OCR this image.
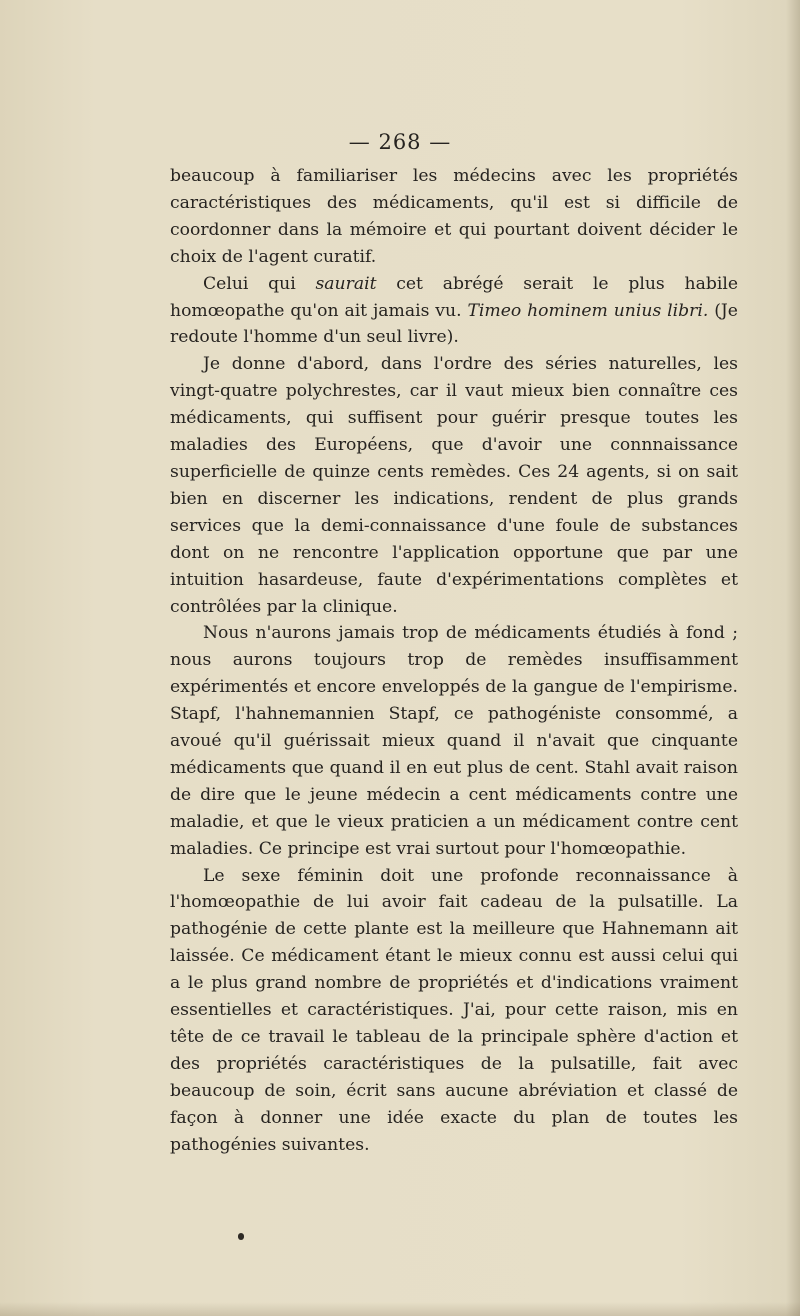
— 268 —

beaucoup à familiariser les médecins avec les propriétés caractéristiques des médicaments, qu'il est si difficile de coordonner dans la mémoire et qui pourtant doivent décider le choix de l'agent curatif.

Celui qui saurait cet abrégé serait le plus habile homœopathe qu'on ait jamais vu. Timeo hominem unius libri. (Je redoute l'homme d'un seul livre).

Je donne d'abord, dans l'ordre des séries naturelles, les vingt-quatre polychrestes, car il vaut mieux bien connaître ces médicaments, qui suffisent pour guérir presque toutes les maladies des Européens, que d'avoir une connnaissance superficielle de quinze cents remèdes. Ces 24 agents, si on sait bien en discerner les indications, rendent de plus grands services que la demi-connaissance d'une foule de substances dont on ne rencontre l'application opportune que par une intuition hasardeuse, faute d'expérimentations complètes et contrôlées par la clinique.

Nous n'aurons jamais trop de médicaments étudiés à fond ; nous aurons toujours trop de remèdes insuffisamment expérimentés et encore enveloppés de la gangue de l'empirisme. Stapf, l'hahnemannien Stapf, ce pathogéniste consommé, a avoué qu'il guérissait mieux quand il n'avait que cinquante médicaments que quand il en eut plus de cent. Stahl avait raison de dire que le jeune médecin a cent médicaments contre une maladie, et que le vieux praticien a un médicament contre cent maladies. Ce principe est vrai surtout pour l'homœopathie.

Le sexe féminin doit une profonde reconnaissance à l'homœopathie de lui avoir fait cadeau de la pulsatille. La pathogénie de cette plante est la meilleure que Hahnemann ait laissée. Ce médicament étant le mieux connu est aussi celui qui a le plus grand nombre de propriétés et d'indications vraiment essentielles et caractéristiques. J'ai, pour cette raison, mis en tête de ce travail le tableau de la principale sphère d'action et des propriétés caractéristiques de la pulsatille, fait avec beaucoup de soin, écrit sans aucune abréviation et classé de façon à donner une idée exacte du plan de toutes les pathogénies suivantes.
